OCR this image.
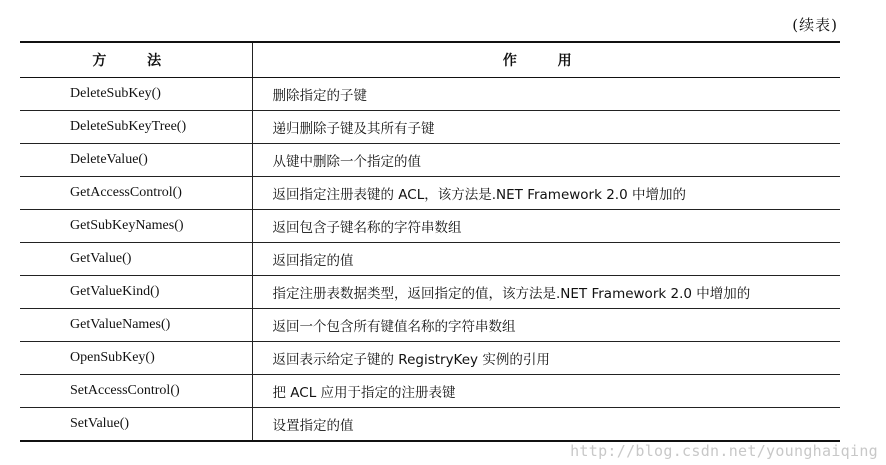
(续表)
方 法	作 用
DeleteSubKey()	删除指定的子键
DeleteSubKeyTree()	递归删除子键及其所有子键
DeleteValue()	从键中删除一个指定的值
GetAccessControl()	返回指定注册表键的 ACL，该方法是.NET Framework 2.0 中增加的
GetSubKeyNames()	返回包含子键名称的字符串数组
GetValue()	返回指定的值
GetValueKind()	指定注册表数据类型，返回指定的值，该方法是.NET Framework 2.0 中增加的
GetValueNames()	返回一个包含所有键值名称的字符串数组
OpenSubKey()	返回表示给定子键的 RegistryKey 实例的引用
SetAccessControl()	把 ACL 应用于指定的注册表键
SetValue()	设置指定的值
http://blog.csdn.net/younghaiqing
